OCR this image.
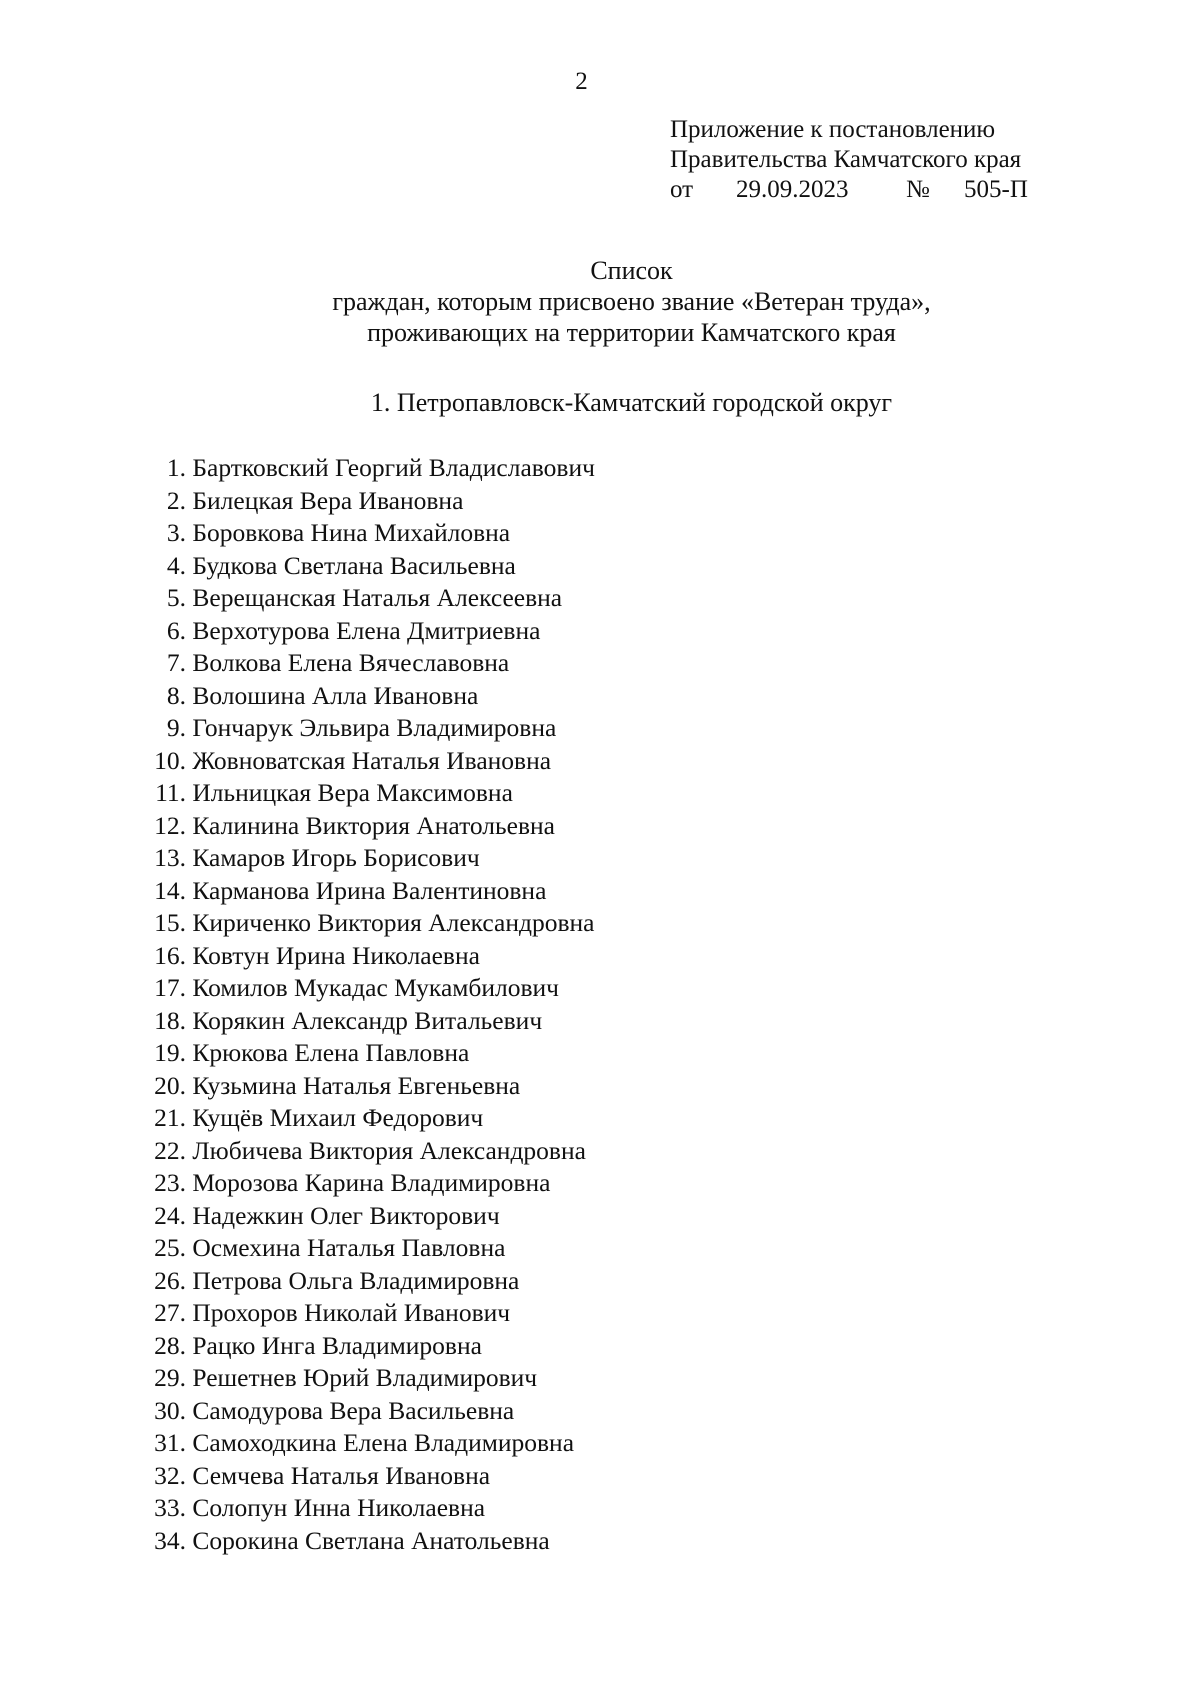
2
Приложение к постановлению
Правительства Камчатского края
от	29.09.2023	№	505-П
Список
граждан, которым присвоено звание «Ветеран труда»,
проживающих на территории Камчатского края
1. Петропавловск-Камчатский городской округ
1.
Бартковский Георгий Владиславович
2.
Билецкая Вера Ивановна
3.
Боровкова Нина Михайловна
4.
Будкова Светлана Васильевна
5.
Верещанская Наталья Алексеевна
6.
Верхотурова Елена Дмитриевна
7.
Волкова Елена Вячеславовна
8.
Волошина Алла Ивановна
9.
Гончарук Эльвира Владимировна
10.
Жовноватская Наталья Ивановна
11.
Ильницкая Вера Максимовна
12.
Калинина Виктория Анатольевна
13.
Камаров Игорь Борисович
14.
Карманова Ирина Валентиновна
15.
Кириченко Виктория Александровна
16.
Ковтун Ирина Николаевна
17.
Комилов Мукадас Мукамбилович
18.
Корякин Александр Витальевич
19.
Крюкова Елена Павловна
20.
Кузьмина Наталья Евгеньевна
21.
Кущёв Михаил Федорович
22.
Любичева Виктория Александровна
23.
Морозова Карина Владимировна
24.
Надежкин Олег Викторович
25.
Осмехина Наталья Павловна
26.
Петрова Ольга Владимировна
27.
Прохоров Николай Иванович
28.
Рацко Инга Владимировна
29.
Решетнев Юрий Владимирович
30.
Самодурова Вера Васильевна
31.
Самоходкина Елена Владимировна
32.
Семчева Наталья Ивановна
33.
Солопун Инна Николаевна
34.
Сорокина Светлана Анатольевна
